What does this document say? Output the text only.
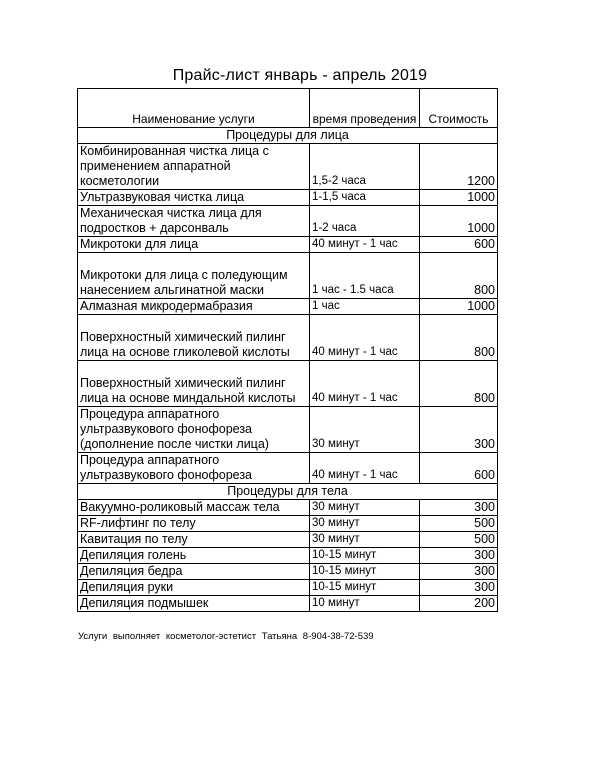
Прайс-лист январь - апрель 2019
Наименование услуги	время проведения	Стоимость
Процедуры для лица		
Комбинированная чистка лица с применением аппаратной косметологии	1,5-2 часа	1200
Ультразвуковая чистка лица	1-1,5 часа	1000
Механическая чистка лица для подростков + дарсонваль	1-2 часа	1000
Микротоки для лица	40 минут - 1 час	600
Микротоки для лица с поледующим нанесением альгинатной маски	1 час - 1.5 часа	800
Алмазная микродермабразия	1 час	1000
Поверхностный химический пилинг лица на основе гликолевой кислоты	40 минут - 1 час	800
Поверхностный химический пилинг лица на основе миндальной кислоты	40 минут - 1 час	800
Процедура аппаратного ультразвукового фонофореза (дополнение после чистки лица)	30 минут	300
Процедура аппаратного ультразвукового фонофореза	40 минут - 1 час	600
Процедуры для тела		
Вакуумно-роликовый массаж тела	30 минут	300
RF-лифтинг по телу	30 минут	500
Кавитация по телу	30 минут	500
Депиляция голень	10-15 минут	300
Депиляция бедра	10-15 минут	300
Депиляция руки	10-15 минут	300
Депиляция подмышек	10 минут	200
Услуги выполняет косметолог-эстетист Татьяна 8-904-38-72-539
